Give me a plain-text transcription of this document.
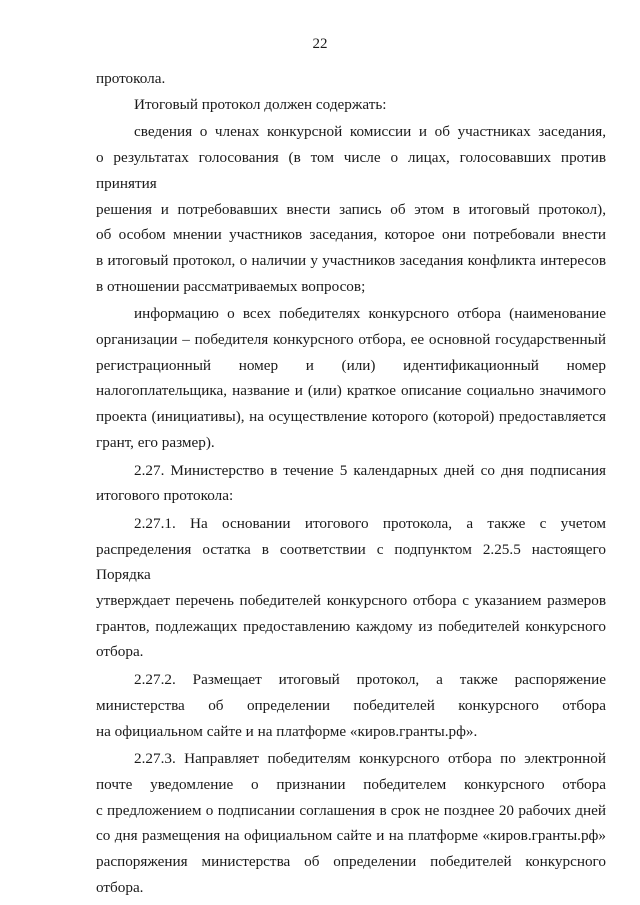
22
протокола.
Итоговый протокол должен содержать:
сведения о членах конкурсной комиссии и об участниках заседания,
о результатах голосования (в том числе о лицах, голосовавших против принятия
решения и потребовавших внести запись об этом в итоговый протокол),
об особом мнении участников заседания, которое они потребовали внести
в итоговый протокол, о наличии у участников заседания конфликта интересов
в отношении рассматриваемых вопросов;
информацию о всех победителях конкурсного отбора (наименование
организации – победителя конкурсного отбора, ее основной государственный
регистрационный номер и (или) идентификационный номер
налогоплательщика, название и (или) краткое описание социально значимого
проекта (инициативы), на осуществление которого (которой) предоставляется
грант, его размер).
2.27. Министерство в течение 5 календарных дней со дня подписания
итогового протокола:
2.27.1. На основании итогового протокола, а также с учетом
распределения остатка в соответствии с подпунктом 2.25.5 настоящего Порядка
утверждает перечень победителей конкурсного отбора с указанием размеров
грантов, подлежащих предоставлению каждому из победителей конкурсного
отбора.
2.27.2. Размещает итоговый протокол, а также распоряжение
министерства об определении победителей конкурсного отбора
на официальном сайте и на платформе «киров.гранты.рф».
2.27.3. Направляет победителям конкурсного отбора по электронной
почте уведомление о признании победителем конкурсного отбора
с предложением о подписании соглашения в срок не позднее 20 рабочих дней
со дня размещения на официальном сайте и на платформе «киров.гранты.рф»
распоряжения министерства об определении победителей конкурсного отбора.
